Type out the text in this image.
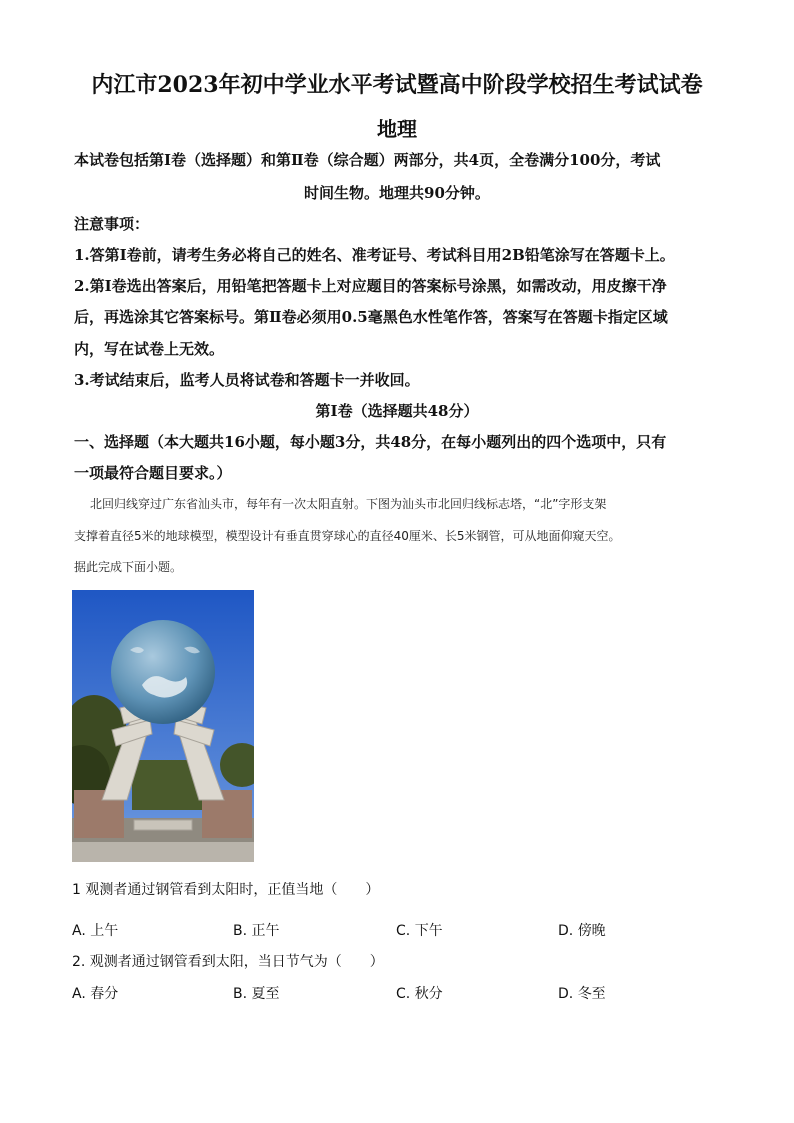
内江市2023年初中学业水平考试暨高中阶段学校招生考试试卷
地理
本试卷包括第Ⅰ卷（选择题）和第Ⅱ卷（综合题）两部分，共4页，全卷满分100分，考试
时间生物。地理共90分钟。
注意事项：
1.答第Ⅰ卷前，请考生务必将自己的姓名、准考证号、考试科目用2B铅笔涂写在答题卡上。
2.第Ⅰ卷选出答案后，用铅笔把答题卡上对应题目的答案标号涂黑，如需改动，用皮擦干净
后，再选涂其它答案标号。第Ⅱ卷必须用0.5毫黑色水性笔作答，答案写在答题卡指定区域
内，写在试卷上无效。
3.考试结束后，监考人员将试卷和答题卡一并收回。
第Ⅰ卷（选择题共48分）
一、选择题（本大题共16小题，每小题3分，共48分，在每小题列出的四个选项中，只有
一项最符合题目要求。）
北回归线穿过广东省汕头市，每年有一次太阳直射。下图为汕头市北回归线标志塔，“北”字形支架
支撑着直径5米的地球模型，模型设计有垂直贯穿球心的直径40厘米、长5米钢管，可从地面仰窥天空。
据此完成下面小题。
1 观测者通过钢管看到太阳时，正值当地（　　）
A. 上午	B. 正午	C. 下午	D. 傍晚
2. 观测者通过钢管看到太阳，当日节气为（　　）
A. 春分	B. 夏至	C. 秋分	D. 冬至
